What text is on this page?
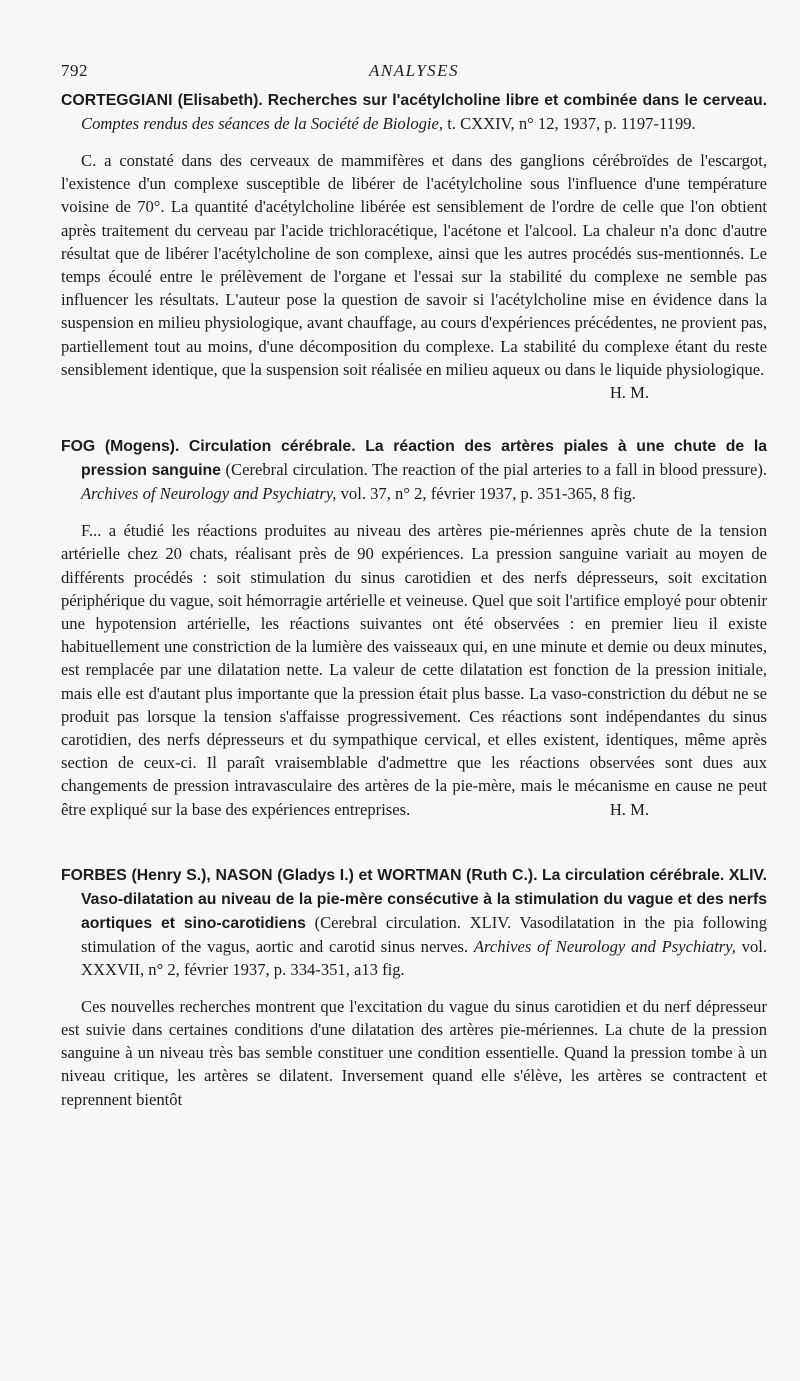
792	ANALYSES

CORTEGGIANI (Elisabeth). Recherches sur l'acétylcholine libre et combinée dans le cerveau. Comptes rendus des séances de la Société de Biologie, t. CXXIV, n° 12, 1937, p. 1197-1199.

C. a constaté dans des cerveaux de mammifères et dans des ganglions cérébroïdes de l'escargot, l'existence d'un complexe susceptible de libérer de l'acétylcholine sous l'influence d'une température voisine de 70°. La quantité d'acétylcholine libérée est sensiblement de l'ordre de celle que l'on obtient après traitement du cerveau par l'acide trichloracétique, l'acétone et l'alcool. La chaleur n'a donc d'autre résultat que de libérer l'acétylcholine de son complexe, ainsi que les autres procédés sus-mentionnés. Le temps écoulé entre le prélèvement de l'organe et l'essai sur la stabilité du complexe ne semble pas influencer les résultats. L'auteur pose la question de savoir si l'acétylcholine mise en évidence dans la suspension en milieu physiologique, avant chauffage, au cours d'expériences précédentes, ne provient pas, partiellement tout au moins, d'une décomposition du complexe. La stabilité du complexe étant du reste sensiblement identique, que la suspension soit réalisée en milieu aqueux ou dans le liquide physiologique.
H. M.

FOG (Mogens). Circulation cérébrale. La réaction des artères piales à une chute de la pression sanguine (Cerebral circulation. The reaction of the pial arteries to a fall in blood pressure). Archives of Neurology and Psychiatry, vol. 37, n° 2, février 1937, p. 351-365, 8 fig.

F... a étudié les réactions produites au niveau des artères pie-mériennes après chute de la tension artérielle chez 20 chats, réalisant près de 90 expériences. La pression sanguine variait au moyen de différents procédés : soit stimulation du sinus carotidien et des nerfs dépresseurs, soit excitation périphérique du vague, soit hémorragie artérielle et veineuse. Quel que soit l'artifice employé pour obtenir une hypotension artérielle, les réactions suivantes ont été observées : en premier lieu il existe habituellement une constriction de la lumière des vaisseaux qui, en une minute et demie ou deux minutes, est remplacée par une dilatation nette. La valeur de cette dilatation est fonction de la pression initiale, mais elle est d'autant plus importante que la pression était plus basse. La vaso-constriction du début ne se produit pas lorsque la tension s'affaisse progressivement. Ces réactions sont indépendantes du sinus carotidien, des nerfs dépresseurs et du sympathique cervical, et elles existent, identiques, même après section de ceux-ci. Il paraît vraisemblable d'admettre que les réactions observées sont dues aux changements de pression intravasculaire des artères de la pie-mère, mais le mécanisme en cause ne peut être expliqué sur la base des expériences entreprises.	H. M.

FORBES (Henry S.), NASON (Gladys I.) et WORTMAN (Ruth C.). La circulation cérébrale. XLIV. Vaso-dilatation au niveau de la pie-mère consécutive à la stimulation du vague et des nerfs aortiques et sino-carotidiens (Cerebral circulation. XLIV. Vasodilatation in the pia following stimulation of the vagus, aortic and carotid sinus nerves. Archives of Neurology and Psychiatry, vol. XXXVII, n° 2, février 1937, p. 334-351, a13 fig.

Ces nouvelles recherches montrent que l'excitation du vague du sinus carotidien et du nerf dépresseur est suivie dans certaines conditions d'une dilatation des artères pie-mériennes. La chute de la pression sanguine à un niveau très bas semble constituer une condition essentielle. Quand la pression tombe à un niveau critique, les artères se dilatent. Inversement quand elle s'élève, les artères se contractent et reprennent bientôt
